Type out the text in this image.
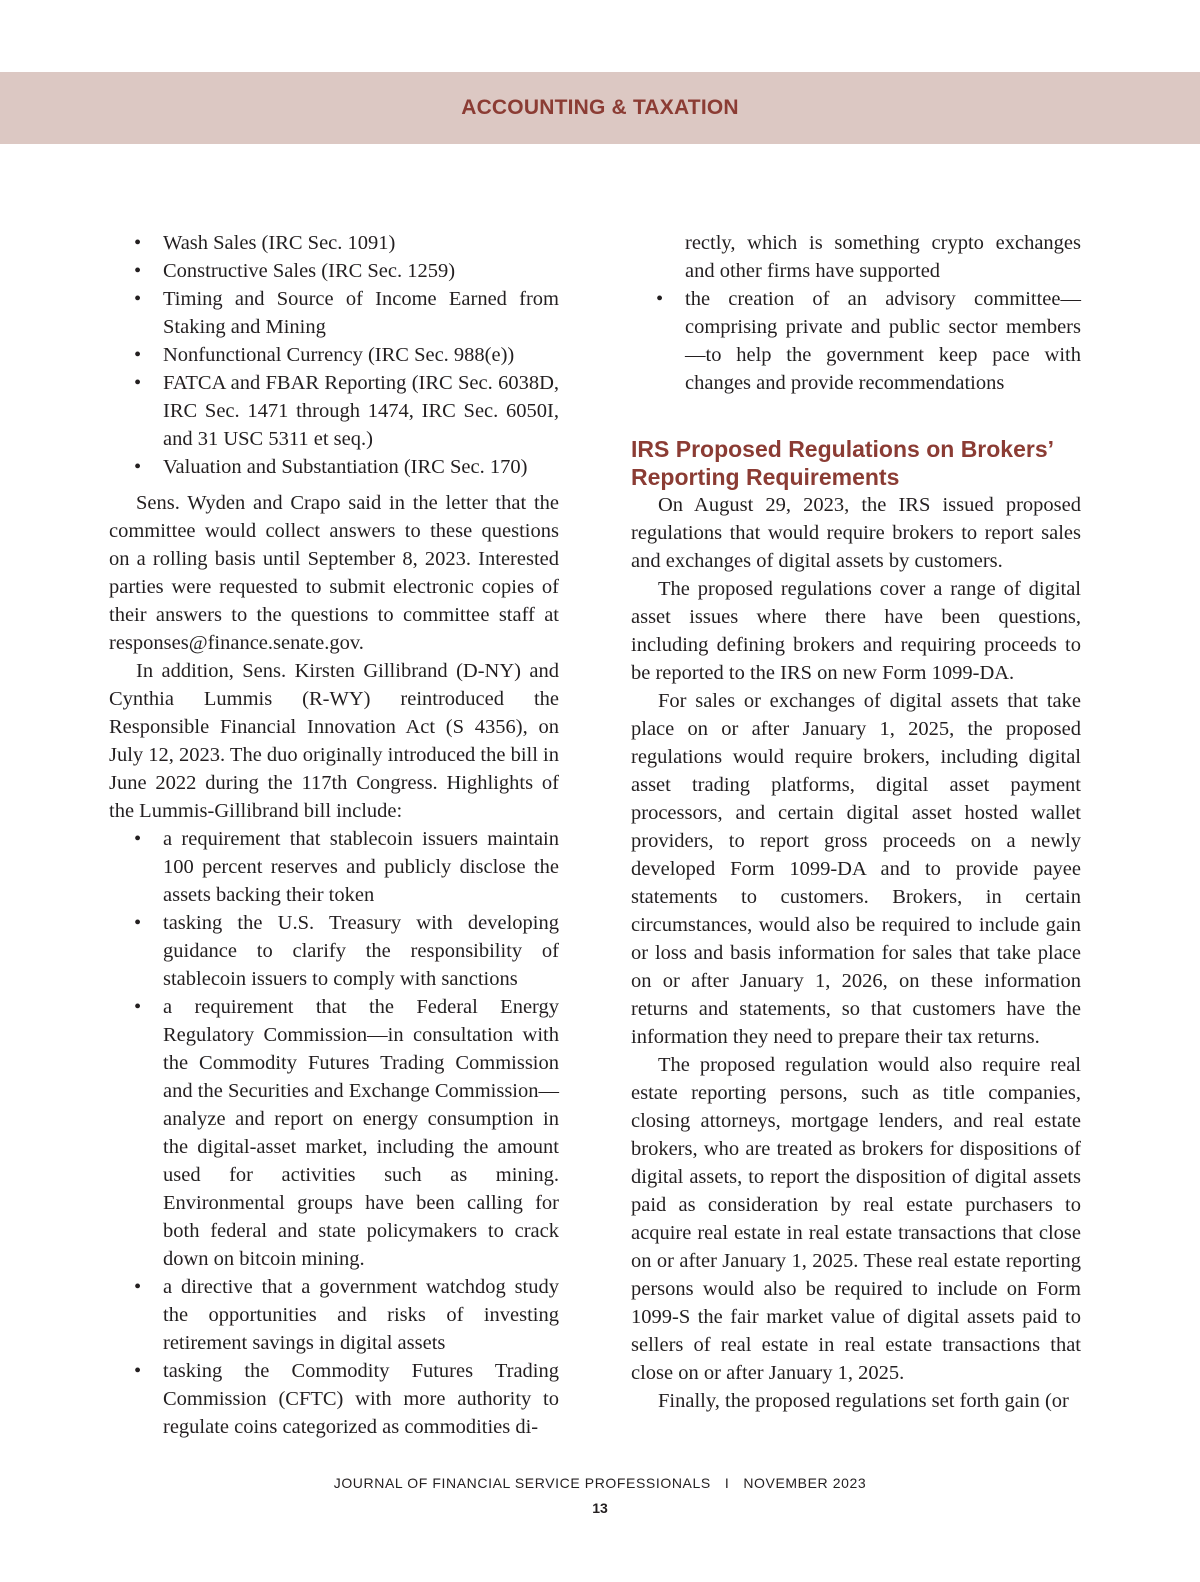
ACCOUNTING & TAXATION
• Wash Sales (IRC Sec. 1091)
• Constructive Sales (IRC Sec. 1259)
• Timing and Source of Income Earned from Staking and Mining
• Nonfunctional Currency (IRC Sec. 988(e))
• FATCA and FBAR Reporting (IRC Sec. 6038D, IRC Sec. 1471 through 1474, IRC Sec. 6050I, and 31 USC 5311 et seq.)
• Valuation and Substantiation (IRC Sec. 170)

Sens. Wyden and Crapo said in the letter that the committee would collect answers to these questions on a rolling basis until September 8, 2023. Interested parties were requested to submit electronic copies of their answers to the questions to committee staff at responses@finance.senate.gov.

In addition, Sens. Kirsten Gillibrand (D-NY) and Cynthia Lummis (R-WY) reintroduced the Responsible Financial Innovation Act (S 4356), on July 12, 2023. The duo originally introduced the bill in June 2022 during the 117th Congress. Highlights of the Lummis-Gillibrand bill include:

• a requirement that stablecoin issuers maintain 100 percent reserves and publicly disclose the assets backing their token
• tasking the U.S. Treasury with developing guidance to clarify the responsibility of stablecoin issuers to comply with sanctions
• a requirement that the Federal Energy Regulatory Commission—in consultation with the Commodity Futures Trading Commission and the Securities and Exchange Commission—analyze and report on energy consumption in the digital-asset market, including the amount used for activities such as mining. Environmental groups have been calling for both federal and state policymakers to crack down on bitcoin mining.
• a directive that a government watchdog study the opportunities and risks of investing retirement savings in digital assets
• tasking the Commodity Futures Trading Commission (CFTC) with more authority to regulate coins categorized as commodities di-
rectly, which is something crypto exchanges and other firms have supported
• the creation of an advisory committee—comprising private and public sector members—to help the government keep pace with changes and provide recommendations
IRS Proposed Regulations on Brokers’ Reporting Requirements

On August 29, 2023, the IRS issued proposed regulations that would require brokers to report sales and exchanges of digital assets by customers.

The proposed regulations cover a range of digital asset issues where there have been questions, including defining brokers and requiring proceeds to be reported to the IRS on new Form 1099-DA.

For sales or exchanges of digital assets that take place on or after January 1, 2025, the proposed regulations would require brokers, including digital asset trading platforms, digital asset payment processors, and certain digital asset hosted wallet providers, to report gross proceeds on a newly developed Form 1099-DA and to provide payee statements to customers. Brokers, in certain circumstances, would also be required to include gain or loss and basis information for sales that take place on or after January 1, 2026, on these information returns and statements, so that customers have the information they need to prepare their tax returns.

The proposed regulation would also require real estate reporting persons, such as title companies, closing attorneys, mortgage lenders, and real estate brokers, who are treated as brokers for dispositions of digital assets, to report the disposition of digital assets paid as consideration by real estate purchasers to acquire real estate in real estate transactions that close on or after January 1, 2025. These real estate reporting persons would also be required to include on Form 1099-S the fair market value of digital assets paid to sellers of real estate in real estate transactions that close on or after January 1, 2025.

Finally, the proposed regulations set forth gain (or

JOURNAL OF FINANCIAL SERVICE PROFESSIONALS I NOVEMBER 2023
13
